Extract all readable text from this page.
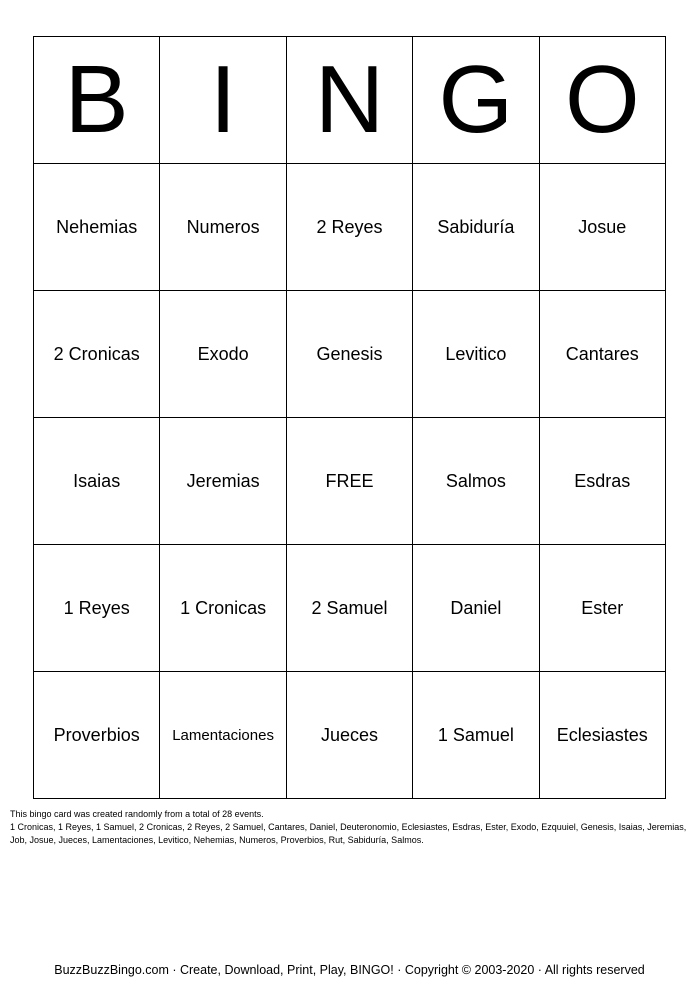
B	I	N	G	O
Nehemias	Numeros	2 Reyes	Sabiduría	Josue
2 Cronicas	Exodo	Genesis	Levitico	Cantares
Isaias	Jeremias	FREE	Salmos	Esdras
1 Reyes	1 Cronicas	2 Samuel	Daniel	Ester
Proverbios	Lamentaciones	Jueces	1 Samuel	Eclesiastes

This bingo card was created randomly from a total of 28 events.

1 Cronicas, 1 Reyes, 1 Samuel, 2 Cronicas, 2 Reyes, 2 Samuel, Cantares, Daniel, Deuteronomio, Eclesiastes, Esdras, Ester, Exodo, Ezquuiel, Genesis, Isaias, Jeremias, Job, Josue, Jueces, Lamentaciones, Levitico, Nehemias, Numeros, Proverbios, Rut, Sabiduría, Salmos.

BuzzBuzzBingo.com · Create, Download, Print, Play, BINGO! · Copyright © 2003-2020 · All rights reserved
